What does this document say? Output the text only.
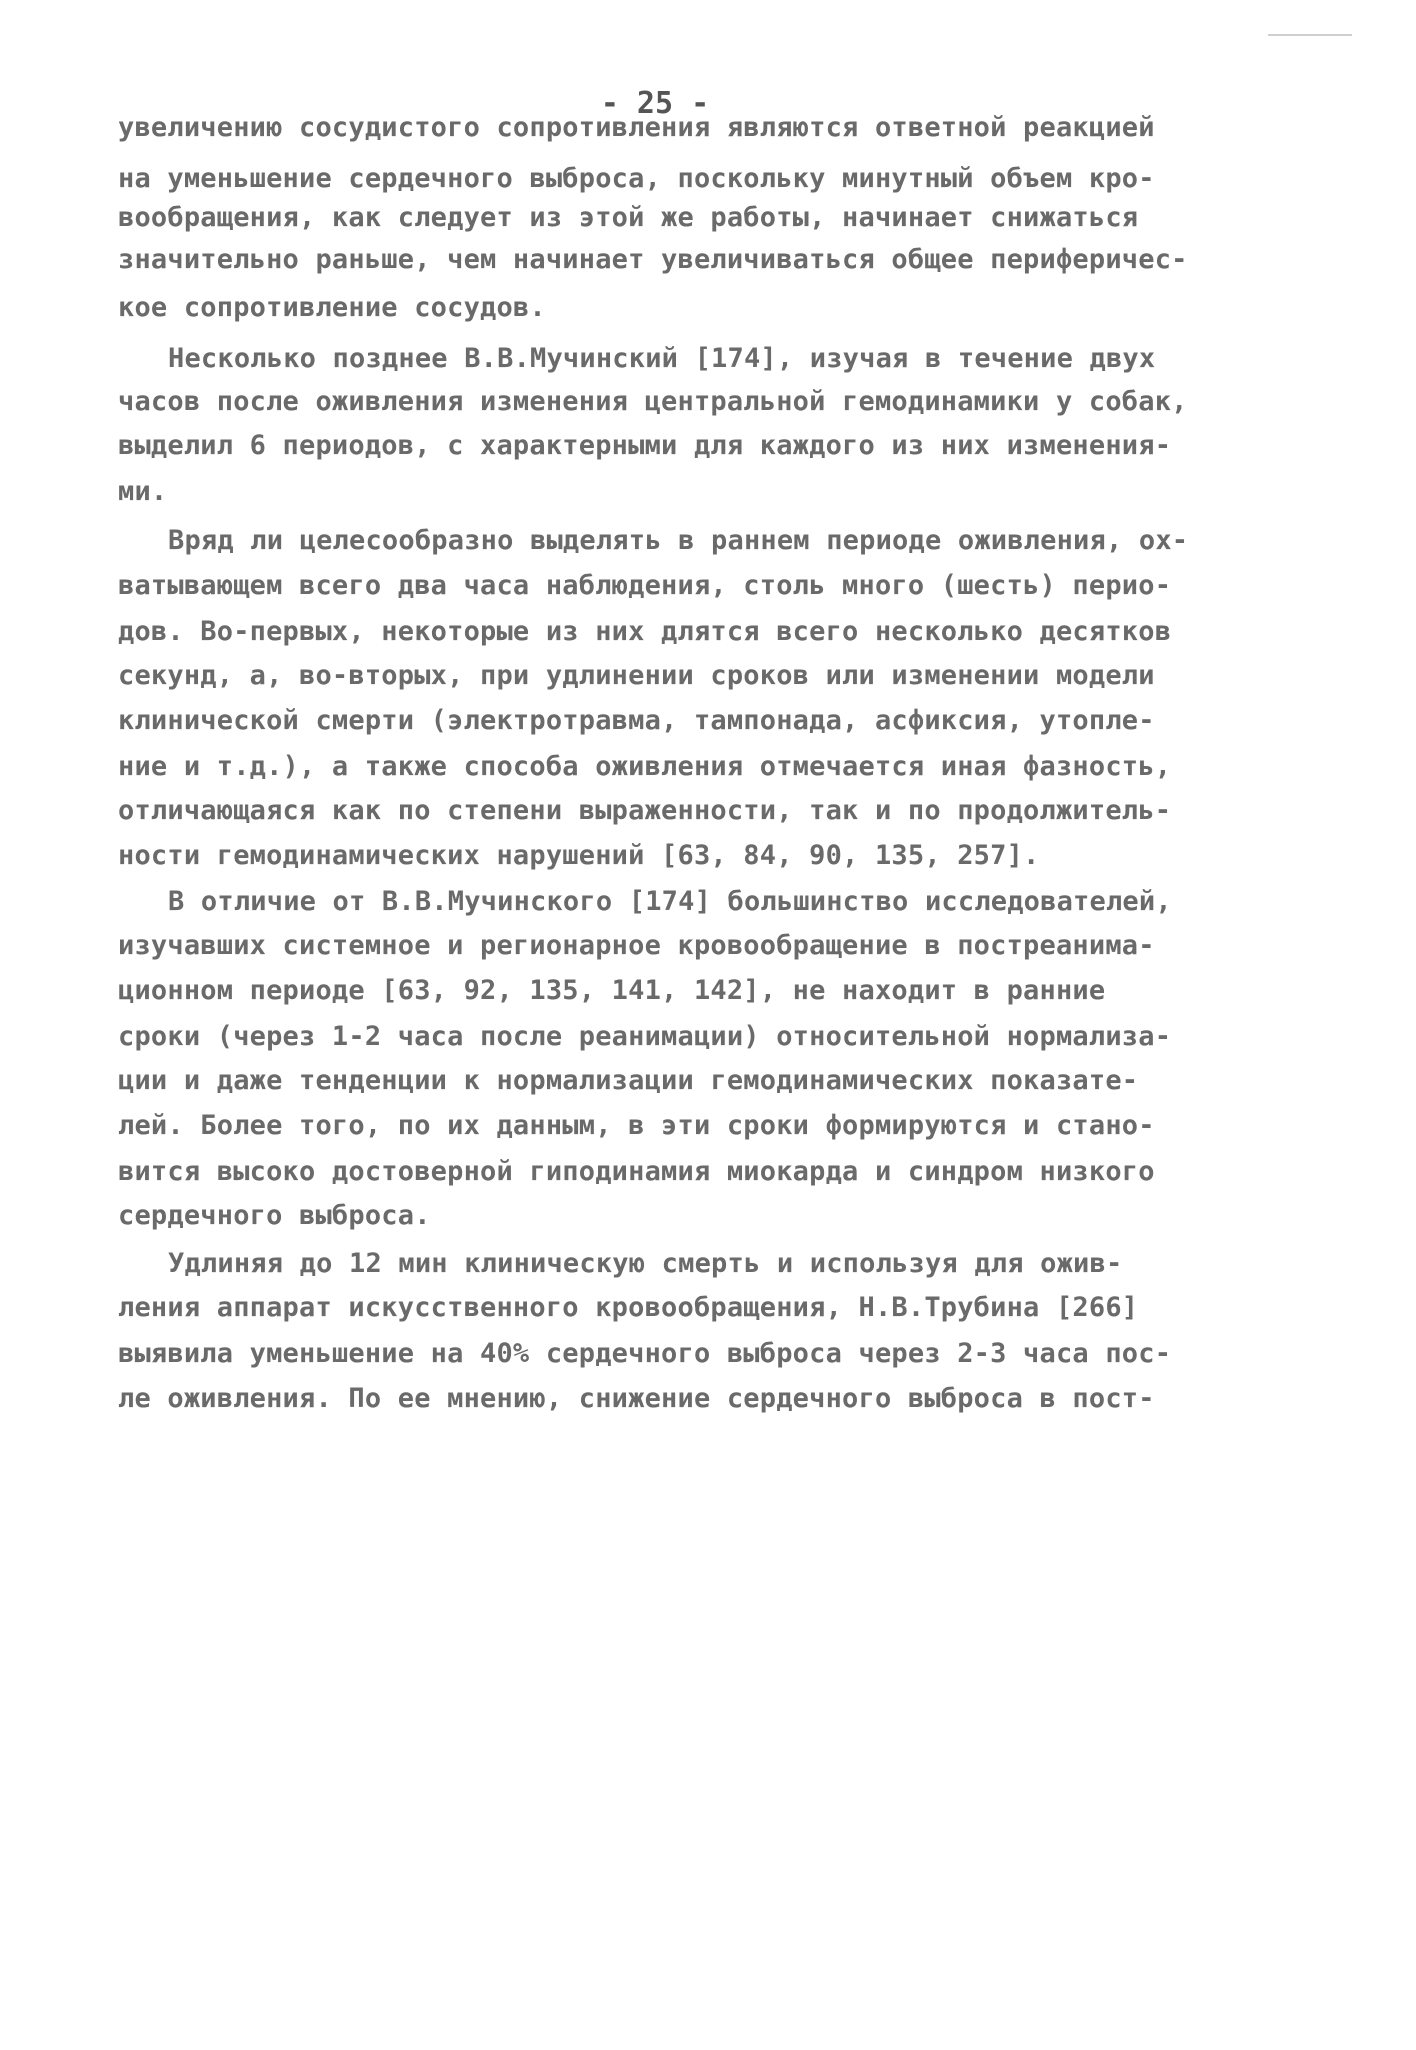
- 25 -
увеличению сосудистого сопротивления являются ответной реакцией
на уменьшение сердечного выброса, поскольку минутный объем кро-
вообращения, как следует из этой же работы, начинает снижаться
значительно раньше, чем начинает увеличиваться общее периферичес-
кое сопротивление сосудов.
Несколько позднее В.В.Мучинский [174], изучая в течение двух
часов после оживления изменения центральной гемодинамики у собак,
выделил 6 периодов, с характерными для каждого из них изменения-
ми.
Вряд ли целесообразно выделять в раннем периоде оживления, ох-
ватывающем всего два часа наблюдения, столь много (шесть) перио-
дов. Во-первых, некоторые из них длятся всего несколько десятков
секунд, а, во-вторых, при удлинении сроков или изменении модели
клинической смерти (электротравма, тампонада, асфиксия, утопле-
ние и т.д.), а также способа оживления отмечается иная фазность,
отличающаяся как по степени выраженности, так и по продолжитель-
ности гемодинамических нарушений [63, 84, 90, 135, 257].
В отличие от В.В.Мучинского [174] большинство исследователей,
изучавших системное и регионарное кровообращение в постреанима-
ционном периоде [63, 92, 135, 141, 142], не находит в ранние
сроки (через 1-2 часа после реанимации) относительной нормализа-
ции и даже тенденции к нормализации гемодинамических показате-
лей. Более того, по их данным, в эти сроки формируются и стано-
вится высоко достоверной гиподинамия миокарда и синдром низкого
сердечного выброса.
Удлиняя до 12 мин клиническую смерть и используя для ожив-
ления аппарат искусственного кровообращения, Н.В.Трубина [266]
выявила уменьшение на 40% сердечного выброса через 2-3 часа пос-
ле оживления. По ее мнению, снижение сердечного выброса в пост-
